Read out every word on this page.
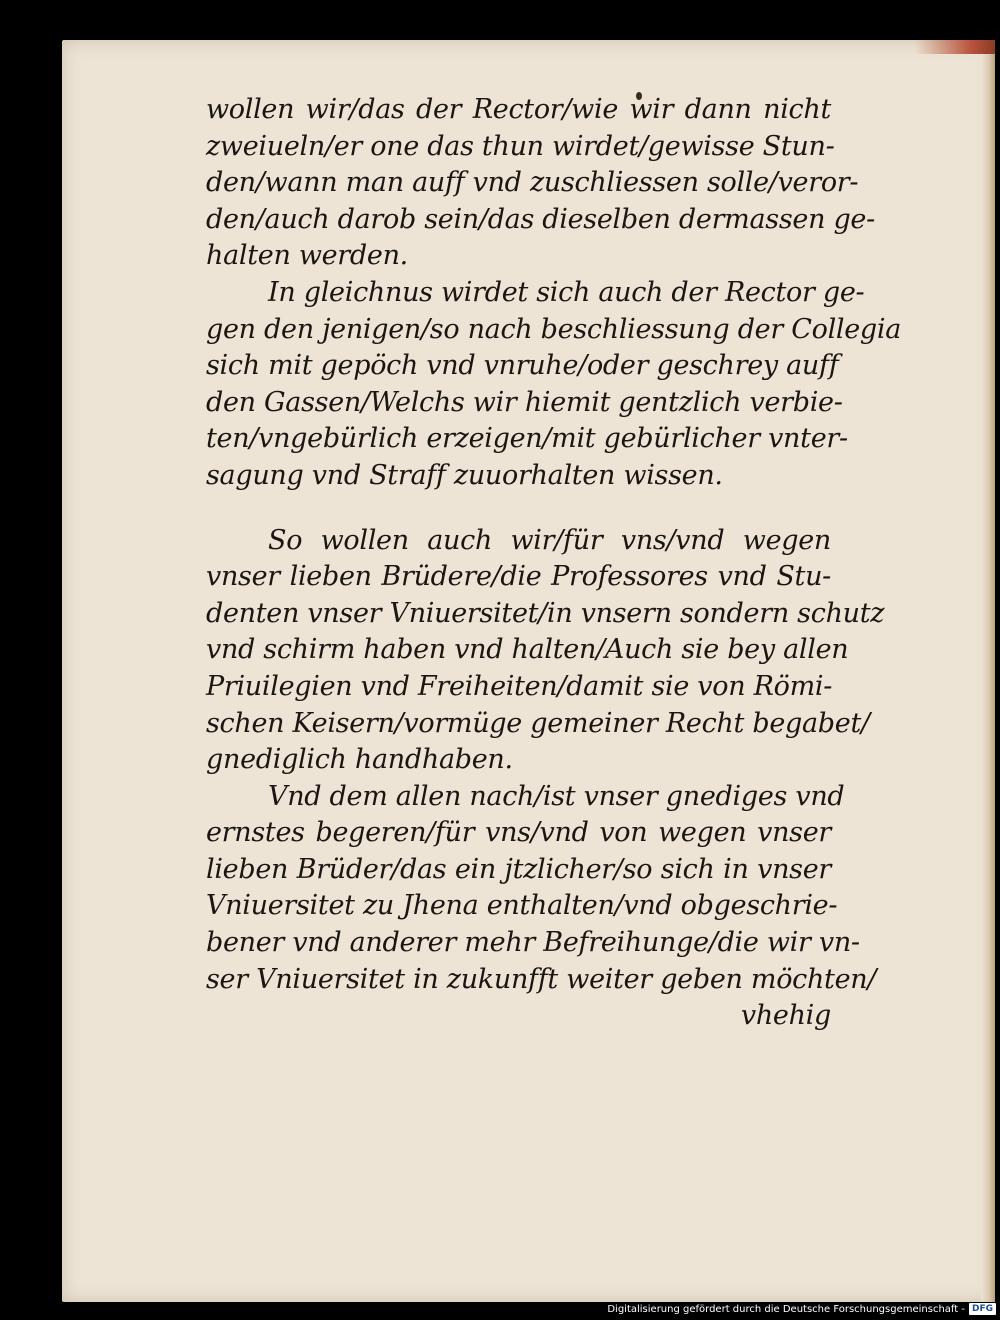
wollen wir/das der Rector/wie wir dann nicht
zweiueln/er one das thun wirdet/gewisse Stun-
den/wann man auff vnd zuschliessen solle/veror-
den/auch darob sein/das dieselben dermassen ge-
halten werden.
In gleichnus wirdet sich auch der Rector ge-
gen den jenigen/so nach beschliessung der Collegia
sich mit gepöch vnd vnruhe/oder geschrey auff
den Gassen/Welchs wir hiemit gentzlich verbie-
ten/vngebürlich erzeigen/mit gebürlicher vnter-
sagung vnd Straff zuuorhalten wissen.
So wollen auch wir/für vns/vnd wegen
vnser lieben Brüdere/die Professores vnd Stu-
denten vnser Vniuersitet/in vnsern sondern schutz
vnd schirm haben vnd halten/Auch sie bey allen
Priuilegien vnd Freiheiten/damit sie von Römi-
schen Keisern/vormüge gemeiner Recht begabet/
gnediglich handhaben.
Vnd dem allen nach/ist vnser gnediges vnd
ernstes begeren/für vns/vnd von wegen vnser
lieben Brüder/das ein jtzlicher/so sich in vnser
Vniuersitet zu Jhena enthalten/vnd obgeschrie-
bener vnd anderer mehr Befreihunge/die wir vn-
ser Vniuersitet in zukunfft weiter geben möchten/
vhehig
Digitalisierung gefördert durch die Deutsche Forschungsgemeinschaft - DFG
